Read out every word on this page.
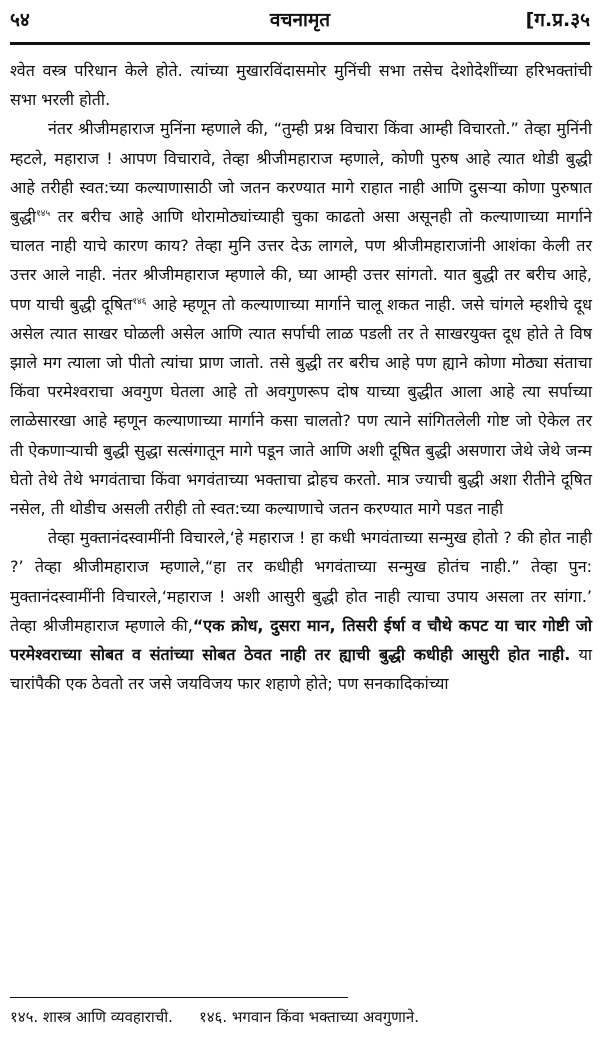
५४	वचनामृत	[ग.प्र.३५

श्वेत वस्त्र परिधान केले होते. त्यांच्या मुखारविंदासमोर मुनिंची सभा तसेच देशोदेशींच्या हरिभक्तांची सभा भरली होती.

नंतर श्रीजीमहाराज मुनिंना म्हणाले की, “तुम्ही प्रश्न विचारा किंवा आम्ही विचारतो.” तेव्हा मुनिंनी म्हटले, महाराज ! आपण विचारावे, तेव्हा श्रीजीमहाराज म्हणाले, कोणी पुरुष आहे त्यात थोडी बुद्धी आहे तरीही स्वत:च्या कल्याणासाठी जो जतन करण्यात मागे राहात नाही आणि दुसऱ्या कोणा पुरुषात बुद्धी$^{१४५}$ तर बरीच आहे आणि थोरामोठ्यांच्याही चुका काढतो असा असूनही तो कल्याणाच्या मार्गाने चालत नाही याचे कारण काय? तेव्हा मुनि उत्तर देऊ लागले, पण श्रीजीमहाराजांनी आशंका केली तर उत्तर आले नाही. नंतर श्रीजीमहाराज म्हणाले की, घ्या आम्ही उत्तर सांगतो. यात बुद्धी तर बरीच आहे, पण याची बुद्धी दूषित$^{१४६}$ आहे म्हणून तो कल्याणाच्या मार्गाने चालू शकत नाही. जसे चांगले म्हशीचे दूध असेल त्यात साखर घोळली असेल आणि त्यात सर्पाची लाळ पडली तर ते साखरयुक्त दूध होते ते विष झाले मग त्याला जो पीतो त्यांचा प्राण जातो. तसे बुद्धी तर बरीच आहे पण ह्याने कोणा मोठ्या संताचा किंवा परमेश्वराचा अवगुण घेतला आहे तो अवगुणरूप दोष याच्या बुद्धीत आला आहे त्या सर्पाच्या लाळेसारखा आहे म्हणून कल्याणाच्या मार्गाने कसा चालतो? पण त्याने सांगितलेली गोष्ट जो ऐकेल तर ती ऐकणाऱ्याची बुद्धी सुद्धा सत्संगातून मागे पडून जाते आणि अशी दूषित बुद्धी असणारा जेथे जेथे जन्म घेतो तेथे तेथे भगवंताचा किंवा भगवंताच्या भक्ताचा द्रोहच करतो. मात्र ज्याची बुद्धी अशा रीतीने दूषित नसेल, ती थोडीच असली तरीही तो स्वत:च्या कल्याणाचे जतन करण्यात मागे पडत नाही

तेव्हा मुक्तानंदस्वामींनी विचारले,‘हे महाराज ! हा कधी भगवंताच्या सन्मुख होतो ? की होत नाही ?’ तेव्हा श्रीजीमहाराज म्हणाले,“हा तर कधीही भगवंताच्या सन्मुख होतंच नाही.” तेव्हा पुन: मुक्तानंदस्वामींनी विचारले,‘महाराज ! अशी आसुरी बुद्धी होत नाही त्याचा उपाय असला तर सांगा.’ तेव्हा श्रीजीमहाराज म्हणाले की,“एक क्रोध, दुसरा मान, तिसरी ईर्षा व चौथे कपट या चार गोष्टी जो परमेश्वराच्या सोबत व संतांच्या सोबत ठेवत नाही तर ह्याची बुद्धी कधीही आसुरी होत नाही. या चारांपैकी एक ठेवतो तर जसे जयविजय फार शहाणे होते; पण सनकादिकांच्या

१४५. शास्त्र आणि व्यवहाराची. १४६. भगवान किंवा भक्ताच्या अवगुणाने.
